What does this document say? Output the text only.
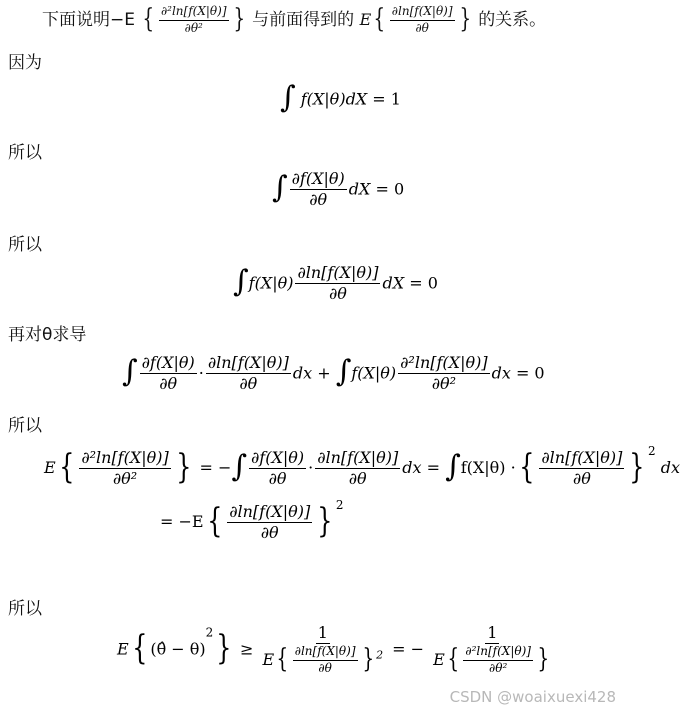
下面说明−E { $\frac{\text{∂²ln[f(X|θ)]}}{\text{∂θ²}}$ } 与前面得到的 $E\{ \frac{\partial\ln[f(X|\theta)]}{\partial\theta}$ } 的关系。
因为
∫ f(X|θ)dX = 1
所以
∫ $\frac{\partial f(X|\theta)}{\partial\theta}$ dX = 0
所以
$\int f(X|\theta) \frac{\partial\ln[f(X|\theta)]}{\partial\theta}$ dX = 0
再对θ求导
∫ $\frac{\partial f(X|\theta)}{\partial\theta} \cdot \frac{\partial\ln[f(X|\theta)]}{\partial\theta}$ dx + $\int f(X|\theta) \frac{\text{∂²ln[f(X|θ)]}}{\text{∂θ²}}$ dx = 0
所以
$E\{ \frac{\text{∂²ln[f(X|θ)]}}{\text{∂θ²}}$ } = −∫ $\frac{\partial f(X|\theta)}{\partial\theta} \cdot \frac{\partial\ln[f(X|\theta)]}{\partial\theta}$ dx = ∫f(X|θ) ·{ $\frac{\partial\ln[f(X|\theta)]}{\partial\theta}$ } $^2$ dx
= $-E\{ \frac{\partial\ln[f(X|\theta)]}{\partial\theta}$ } $^2$
所以
E{ (θ̂ − $\theta)^2\} \ge \frac{1}{E\{ \frac{\partial\ln[f(X|\theta)]}{\partial\theta} \} ^2}$ = − $\frac{1}{E\{ \frac{\text{∂²ln[f(X|θ)]}}{\text{∂θ²}} \}}$
CSDN @woaixuexi428
